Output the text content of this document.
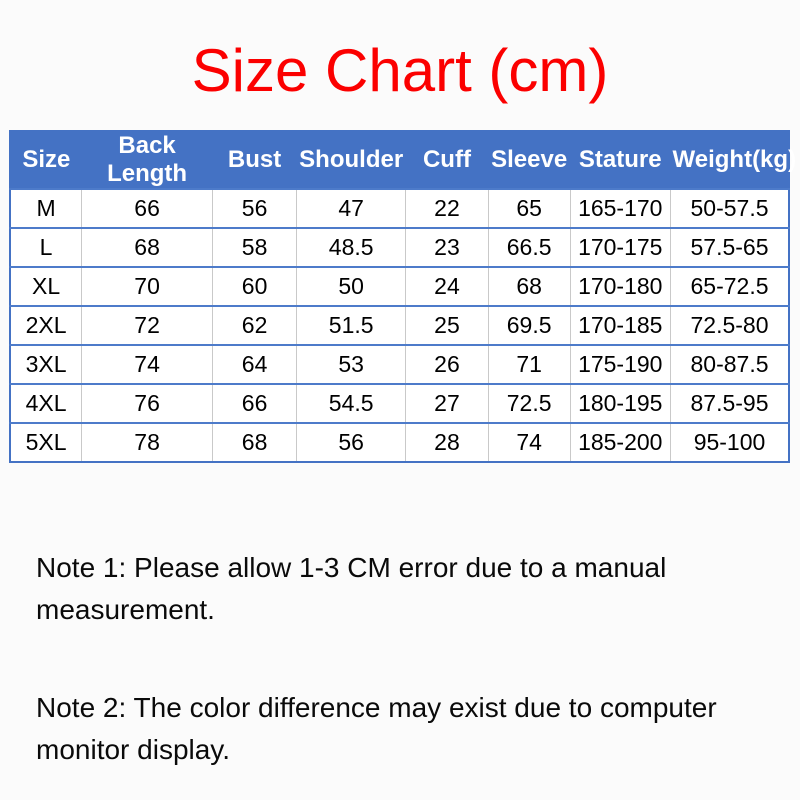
Size Chart (cm)
Size	Back Length	Bust	Shoulder	Cuff	Sleeve	Stature	Weight(kg)
M	66	56	47	22	65	165-170	50-57.5
L	68	58	48.5	23	66.5	170-175	57.5-65
XL	70	60	50	24	68	170-180	65-72.5
2XL	72	62	51.5	25	69.5	170-185	72.5-80
3XL	74	64	53	26	71	175-190	80-87.5
4XL	76	66	54.5	27	72.5	180-195	87.5-95
5XL	78	68	56	28	74	185-200	95-100

Note 1: Please allow 1-3 CM error due to a manual measurement.

Note 2: The color difference may exist due to computer monitor display.
